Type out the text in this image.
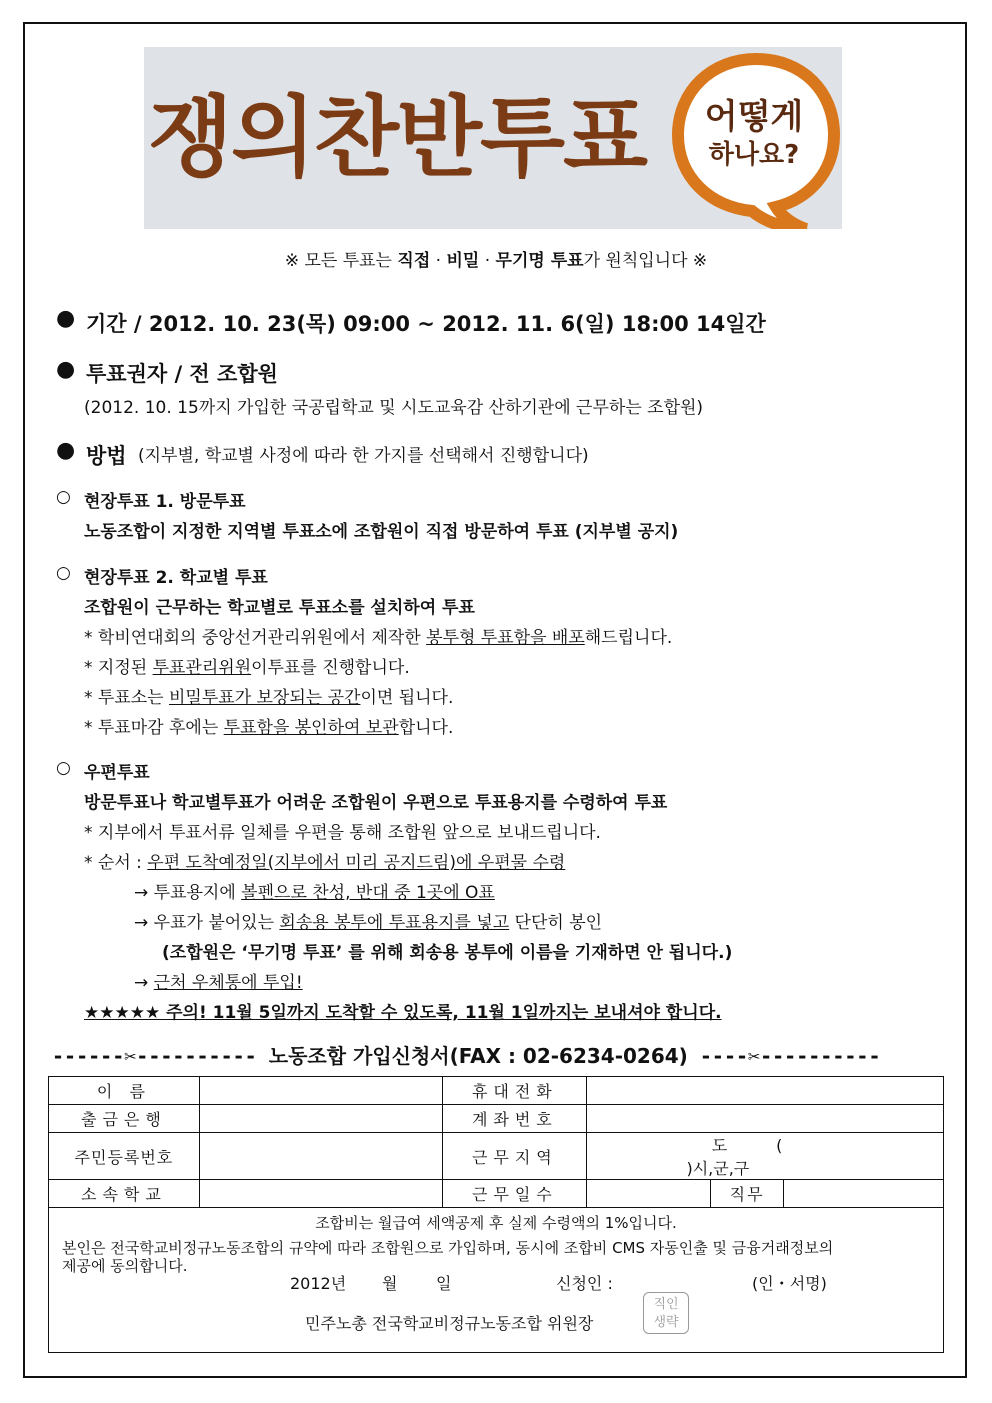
쟁의찬반투표	어떻게
하나요?
※ 모든 투표는 직접 · 비밀 · 무기명 투표가 원칙입니다 ※
● 기간 / 2012. 10. 23(목) 09:00 ~ 2012. 11. 6(일) 18:00 14일간
● 투표권자 / 전 조합원
(2012. 10. 15까지 가입한 국공립학교 및 시도교육감 산하기관에 근무하는 조합원)
● 방법 (지부별, 학교별 사정에 따라 한 가지를 선택해서 진행합니다)
○ 현장투표 1. 방문투표
노동조합이 지정한 지역별 투표소에 조합원이 직접 방문하여 투표 (지부별 공지)
○ 현장투표 2. 학교별 투표
조합원이 근무하는 학교별로 투표소를 설치하여 투표
* 학비연대회의 중앙선거관리위원에서 제작한 봉투형 투표함을 배포해드립니다.
* 지정된 투표관리위원이투표를 진행합니다.
* 투표소는 비밀투표가 보장되는 공간이면 됩니다.
* 투표마감 후에는 투표함을 봉인하여 보관합니다.
○ 우편투표
방문투표나 학교별투표가 어려운 조합원이 우편으로 투표용지를 수령하여 투표
* 지부에서 투표서류 일체를 우편을 통해 조합원 앞으로 보내드립니다.
* 순서 : 우편 도착예정일(지부에서 미리 공지드림)에 우편물 수령
→ 투표용지에 볼펜으로 찬성, 반대 중 1곳에 O표
→ 우표가 붙어있는 회송용 봉투에 투표용지를 넣고 단단히 봉인
(조합원은 ‘무기명 투표’ 를 위해 회송용 봉투에 이름을 기재하면 안 됩니다.)
→ 근처 우체통에 투입!
★★★★★ 주의! 11월 5일까지 도착할 수 있도록, 11월 1일까지는 보내셔야 합니다.
------✂---------- 노동조합 가입신청서(FAX : 02-6234-0264) ----✂----------
이 름		휴대전화			
출금은행		계좌번호			
주민등록번호		근무지역	도 ( )시,군,구		
소속학교		근무일수		직무	
조합비는 월급여 세액공제 후 실제 수령액의 1%입니다.
본인은 전국학교비정규노동조합의 규약에 따라 조합원으로 가입하며, 동시에 조합비 CMS 자동인출 및 금융거래정보의
제공에 동의합니다.
2012년 월 일	신청인 :	(인・서명)
민주노총 전국학교비정규노동조합 위원장
직인
생략
